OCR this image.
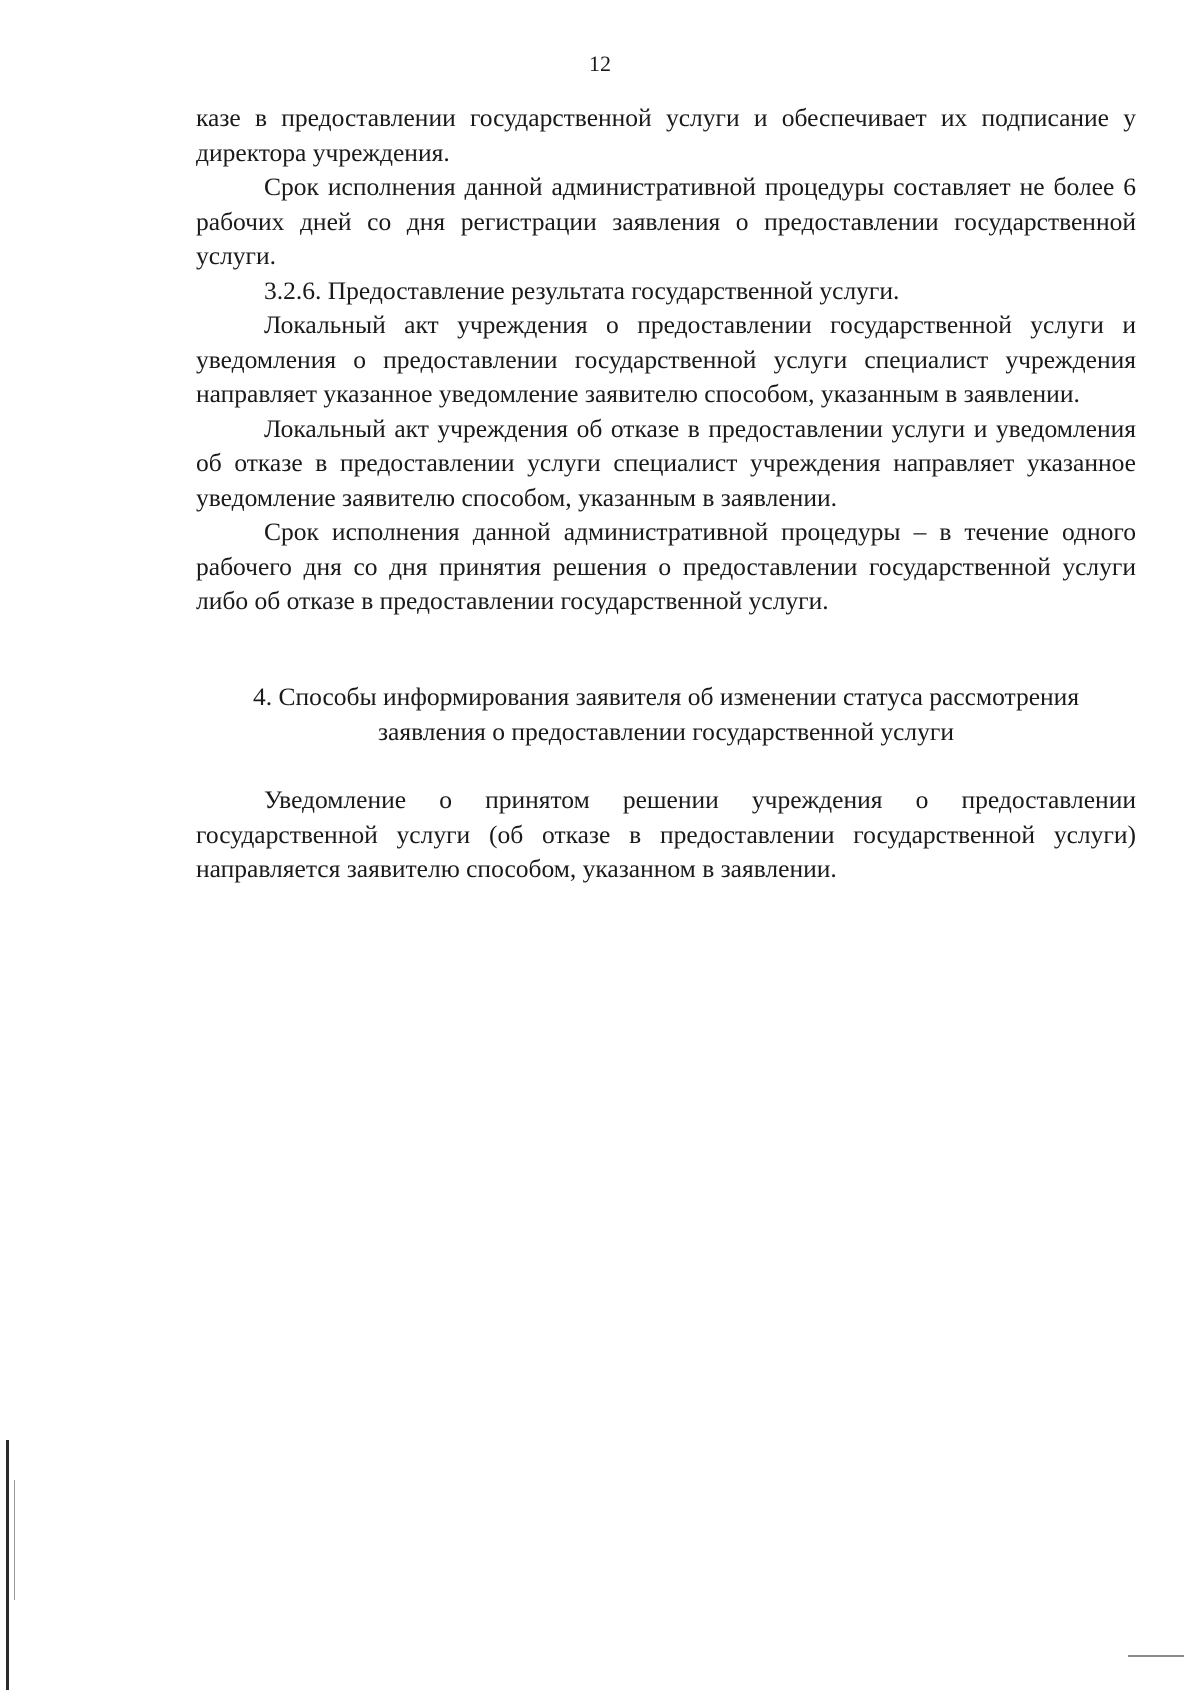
12

казе в предоставлении государственной услуги и обеспечивает их подписание у директора учреждения.

Срок исполнения данной административной процедуры составляет не более 6 рабочих дней со дня регистрации заявления о предоставлении государственной услуги.

3.2.6. Предоставление результата государственной услуги.

Локальный акт учреждения о предоставлении государственной услуги и уведомления о предоставлении государственной услуги специалист учреждения направляет указанное уведомление заявителю способом, указанным в заявлении.

Локальный акт учреждения об отказе в предоставлении услуги и уведомления об отказе в предоставлении услуги специалист учреждения направляет указанное уведомление заявителю способом, указанным в заявлении.

Срок исполнения данной административной процедуры – в течение одного рабочего дня со дня принятия решения о предоставлении государственной услуги либо об отказе в предоставлении государственной услуги.

4. Способы информирования заявителя об изменении статуса рассмотрения заявления о предоставлении государственной услуги

Уведомление о принятом решении учреждения о предоставлении государственной услуги (об отказе в предоставлении государственной услуги) направляется заявителю способом, указанном в заявлении.
